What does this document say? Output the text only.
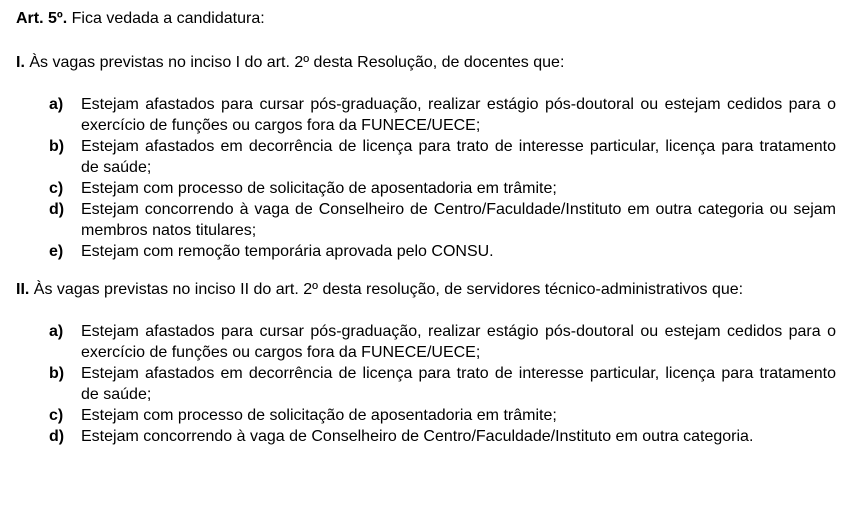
Art. 5º. Fica vedada a candidatura:
I. Às vagas previstas no inciso I do art. 2º desta Resolução, de docentes que:
a)	Estejam afastados para cursar pós-graduação, realizar estágio pós-doutoral ou estejam cedidos para o exercício de funções ou cargos fora da FUNECE/UECE;
b)	Estejam afastados em decorrência de licença para trato de interesse particular, licença para tratamento de saúde;
c)	Estejam com processo de solicitação de aposentadoria em trâmite;
d)	Estejam concorrendo à vaga de Conselheiro de Centro/Faculdade/Instituto em outra categoria ou sejam membros natos titulares;
e)	Estejam com remoção temporária aprovada pelo CONSU.
II. Às vagas previstas no inciso II do art. 2º desta resolução, de servidores técnico-administrativos que:
a)	Estejam afastados para cursar pós-graduação, realizar estágio pós-doutoral ou estejam cedidos para o exercício de funções ou cargos fora da FUNECE/UECE;
b)	Estejam afastados em decorrência de licença para trato de interesse particular, licença para tratamento de saúde;
c)	Estejam com processo de solicitação de aposentadoria em trâmite;
d)	Estejam concorrendo à vaga de Conselheiro de Centro/Faculdade/Instituto em outra categoria.
